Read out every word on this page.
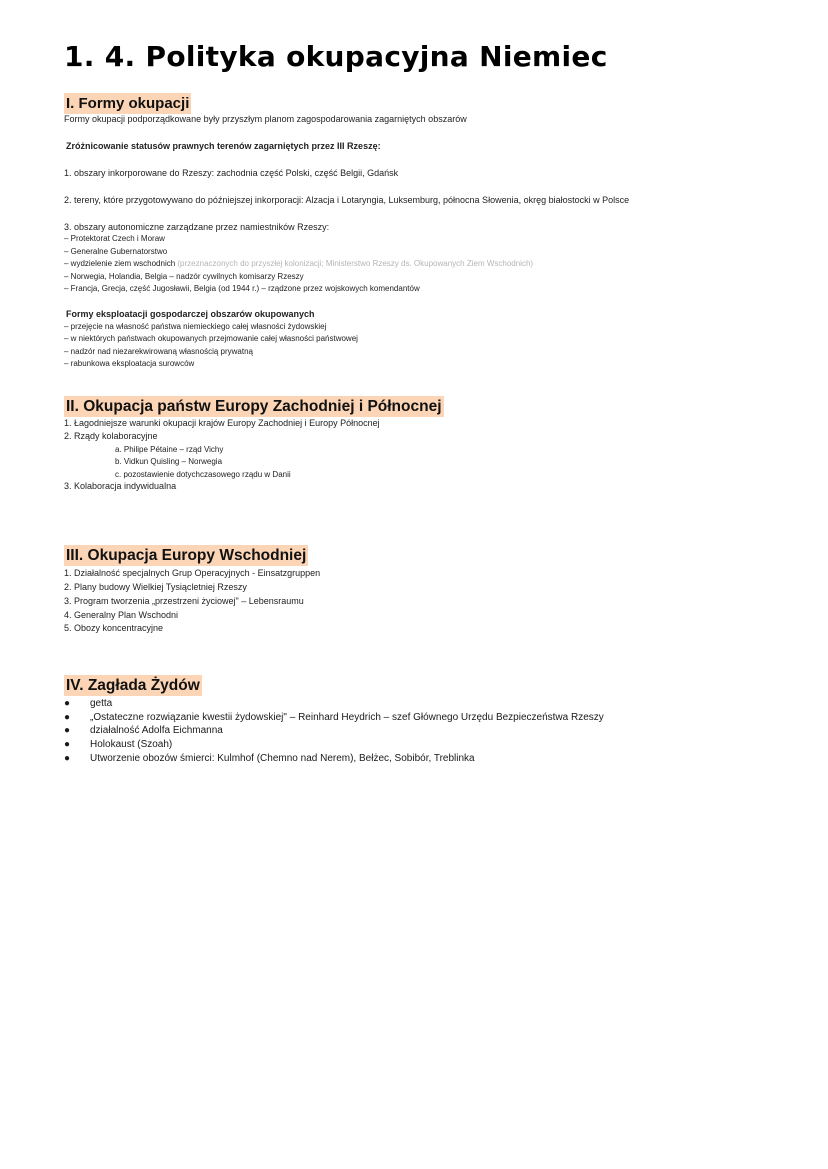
1. 4. Polityka okupacyjna Niemiec
I. Formy okupacji

Formy okupacji podporządkowane były przyszłym planom zagospodarowania zagarniętych obszarów

Zróżnicowanie statusów prawnych terenów zagarniętych przez III Rzeszę:

1. obszary inkorporowane do Rzeszy: zachodnia część Polski, część Belgii, Gdańsk

2. tereny, które przygotowywano do późniejszej inkorporacji: Alzacja i Lotaryngia, Luksemburg, północna Słowenia, okręg białostocki w Polsce

3. obszary autonomiczne zarządzane przez namiestników Rzeszy:

– Protektorat Czech i Moraw

– Generalne Gubernatorstwo

– wydzielenie ziem wschodnich (przeznaczonych do przyszłej kolonizacji; Ministerstwo Rzeszy ds. Okupowanych Ziem Wschodnich)

– Norwegia, Holandia, Belgia – nadzór cywilnych komisarzy Rzeszy

– Francja, Grecja, część Jugosławii, Belgia (od 1944 r.) – rządzone przez wojskowych komendantów

Formy eksploatacji gospodarczej obszarów okupowanych

– przejęcie na własność państwa niemieckiego całej własności żydowskiej

– w niektórych państwach okupowanych przejmowanie całej własności państwowej

– nadzór nad niezarekwirowaną własnością prywatną

– rabunkowa eksploatacja surowców

II. Okupacja państw Europy Zachodniej i Północnej

1. Łagodniejsze warunki okupacji krajów Europy Zachodniej i Europy Północnej

2. Rządy kolaboracyjne

a. Philipe Pétaine – rząd Vichy

b. Vidkun Quisling – Norwegia

c. pozostawienie dotychczasowego rządu w Danii

3. Kolaboracja indywidualna

III. Okupacja Europy Wschodniej

1. Działalność specjalnych Grup Operacyjnych - Einsatzgruppen

2. Plany budowy Wielkiej Tysiącletniej Rzeszy

3. Program tworzenia „przestrzeni życiowej" – Lebensraumu

4. Generalny Plan Wschodni

5. Obozy koncentracyjne

IV. Zagłada Żydów
●	getta
●	„Ostateczne rozwiązanie kwestii żydowskiej" – Reinhard Heydrich – szef Głównego Urzędu Bezpieczeństwa Rzeszy
●	działalność Adolfa Eichmanna
●	Holokaust (Szoah)
●	Utworzenie obozów śmierci: Kulmhof (Chemno nad Nerem), Bełżec, Sobibór, Treblinka
